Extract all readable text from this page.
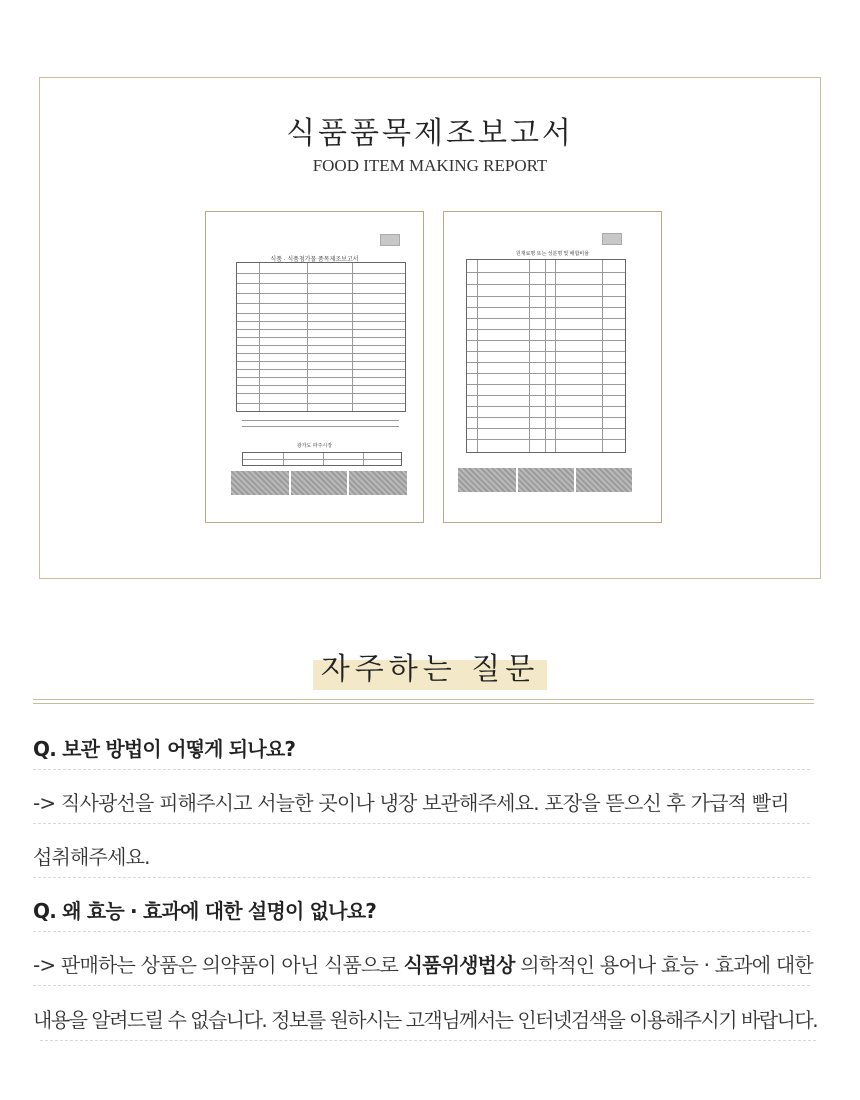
식품품목제조보고서
FOOD ITEM MAKING REPORT
식품 · 식품첨가물 품목제조보고서
광가도 파주시장
원재료명 또는 성분명 및 배합비율
자주하는 질문
Q. 보관 방법이 어떻게 되나요?
-> 직사광선을 피해주시고 서늘한 곳이나 냉장 보관해주세요. 포장을 뜯으신 후 가급적 빨리
섭취해주세요.
Q. 왜 효능 · 효과에 대한 설명이 없나요?
-> 판매하는 상품은 의약품이 아닌 식품으로 식품위생법상 의학적인 용어나 효능 · 효과에 대한
내용을 알려드릴 수 없습니다. 정보를 원하시는 고객님께서는 인터넷검색을 이용해주시기 바랍니다.
